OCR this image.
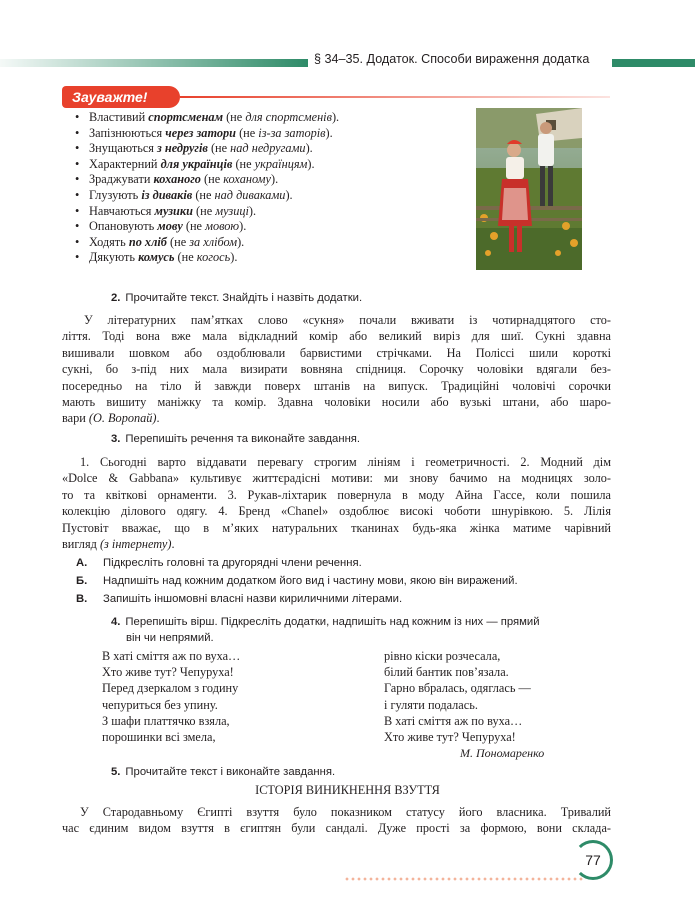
§ 34–35. Додаток. Способи вираження додатка
Зауважте!
• Властивий спортсменам (не для спортсменів).
• Запізнюються через затори (не із-за заторів).
• Знущаються з недругів (не над недругами).
• Характерний для українців (не українцям).
• Зраджувати коханого (не коханому).
• Глузують із диваків (не над диваками).
• Навчаються музики (не музиці).
• Опановують мову (не мовою).
• Ходять по хліб (не за хлібом).
• Дякують комусь (не когось).
2. Прочитайте текст. Знайдіть і назвіть додатки.
У літературних пам’ятках слово «сукня» почали вживати із чотирнадцятого сто-
ліття. Тоді вона вже мала відкладний комір або великий виріз для шиї. Сукні здавна
вишивали шовком або оздоблювали барвистими стрічками. На Поліссі шили короткі
сукні, бо з-під них мала визирати вовняна спідниця. Сорочку чоловіки вдягали без-
посередньо на тіло й завжди поверх штанів на випуск. Традиційні чоловічі сорочки
мають вишиту маніжку та комір. Здавна чоловіки носили або вузькі штани, або шаро-
вари (О. Воропай).
3. Перепишіть речення та виконайте завдання.
1. Сьогодні варто віддавати перевагу строгим лініям і геометричності. 2. Модний дім
«Dolce & Gabbana» культивує життєрадісні мотиви: ми знову бачимо на модницях золо-
то та квіткові орнаменти. 3. Рукав-ліхтарик повернула в моду Айна Гассе, коли пошила
колекцію ділового одягу. 4. Бренд «Chanel» оздоблює високі чоботи шнурівкою. 5. Лілія
Пустовіт вважає, що в м’яких натуральних тканинах будь-яка жінка матиме чарівний
вигляд (з інтернету).
А. Підкресліть головні та другорядні члени речення.
Б. Надпишіть над кожним додатком його вид і частину мови, якою він виражений.
В. Запишіть іншомовні власні назви кириличними літерами.
4. Перепишіть вірш. Підкресліть додатки, надпишіть над кожним із них — прямий
він чи непрямий.
В хаті сміття аж по вуха…
Хто живе тут? Чепуруха!
Перед дзеркалом з годину
чепуриться без упину.
З шафи платтячко взяла,
порошинки всі змела,
рівно кіски розчесала,
білий бантик пов’язала.
Гарно вбралась, одяглась —
і гуляти подалась.
В хаті сміття аж по вуха…
Хто живе тут? Чепуруха!
М. Пономаренко
5. Прочитайте текст і виконайте завдання.
ІСТОРІЯ ВИНИКНЕННЯ ВЗУТТЯ
У Стародавньому Єгипті взуття було показником статусу його власника. Тривалий
час єдиним видом взуття в єгиптян були сандалі. Дуже прості за формою, вони склада-
77
